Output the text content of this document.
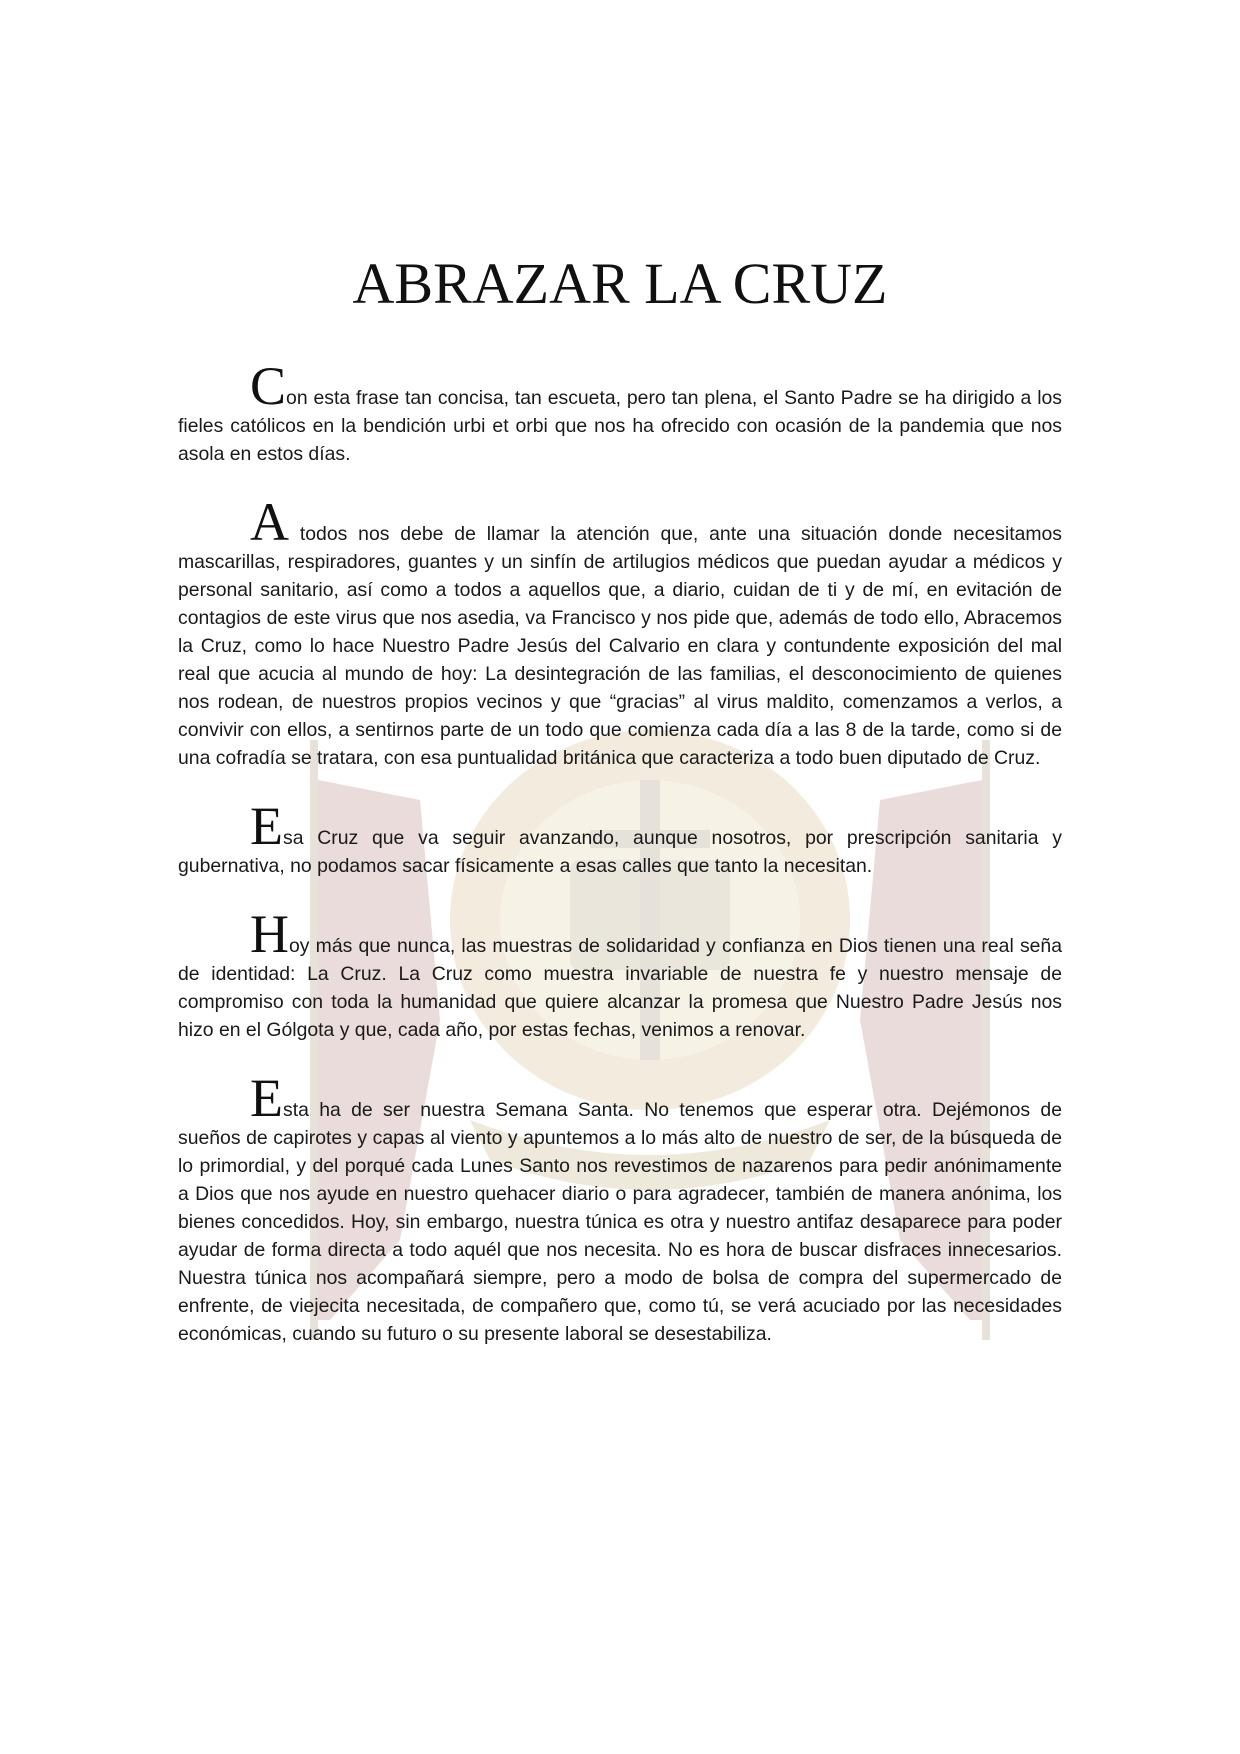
ABRAZAR LA CRUZ

Con esta frase tan concisa, tan escueta, pero tan plena, el Santo Padre se ha dirigido a los fieles católicos en la bendición urbi et orbi que nos ha ofrecido con ocasión de la pandemia que nos asola en estos días.

A todos nos debe de llamar la atención que, ante una situación donde necesitamos mascarillas, respiradores, guantes y un sinfín de artilugios médicos que puedan ayudar a médicos y personal sanitario, así como a todos a aquellos que, a diario, cuidan de ti y de mí, en evitación de contagios de este virus que nos asedia, va Francisco y nos pide que, además de todo ello, Abracemos la Cruz, como lo hace Nuestro Padre Jesús del Calvario en clara y contundente exposición del mal real que acucia al mundo de hoy: La desintegración de las familias, el desconocimiento de quienes nos rodean, de nuestros propios vecinos y que “gracias” al virus maldito, comenzamos a verlos, a convivir con ellos, a sentirnos parte de un todo que comienza cada día a las 8 de la tarde, como si de una cofradía se tratara, con esa puntualidad británica que caracteriza a todo buen diputado de Cruz.

Esa Cruz que va seguir avanzando, aunque nosotros, por prescripción sanitaria y gubernativa, no podamos sacar físicamente a esas calles que tanto la necesitan.

Hoy más que nunca, las muestras de solidaridad y confianza en Dios tienen una real seña de identidad: La Cruz. La Cruz como muestra invariable de nuestra fe y nuestro mensaje de compromiso con toda la humanidad que quiere alcanzar la promesa que Nuestro Padre Jesús nos hizo en el Gólgota y que, cada año, por estas fechas, venimos a renovar.

Esta ha de ser nuestra Semana Santa. No tenemos que esperar otra. Dejémonos de sueños de capirotes y capas al viento y apuntemos a lo más alto de nuestro de ser, de la búsqueda de lo primordial, y del porqué cada Lunes Santo nos revestimos de nazarenos para pedir anónimamente a Dios que nos ayude en nuestro quehacer diario o para agradecer, también de manera anónima, los bienes concedidos. Hoy, sin embargo, nuestra túnica es otra y nuestro antifaz desaparece para poder ayudar de forma directa a todo aquél que nos necesita. No es hora de buscar disfraces innecesarios. Nuestra túnica nos acompañará siempre, pero a modo de bolsa de compra del supermercado de enfrente, de viejecita necesitada, de compañero que, como tú, se verá acuciado por las necesidades económicas, cuando su futuro o su presente laboral se desestabiliza.
